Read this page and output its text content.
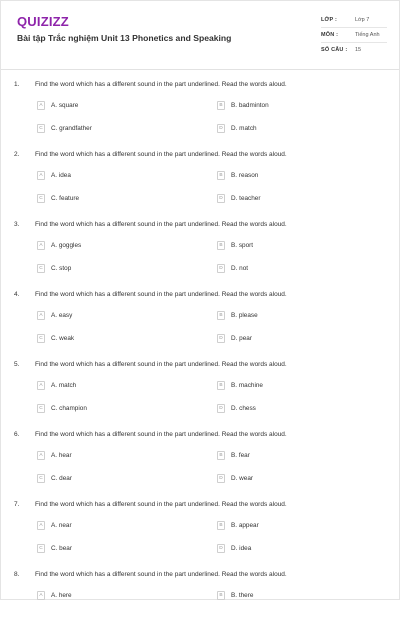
QUIZIZZ
Bài tập Trắc nghiệm Unit 13 Phonetics and Speaking
LỚP :	Lớp 7
MÔN :	Tiếng Anh
SỐ CÂU :	15
1. Find the word which has a different sound in the part underlined. Read the words aloud.
A	A. square	B	B. badminton
C	C. grandfather	D	D. match
2. Find the word which has a different sound in the part underlined. Read the words aloud.
A	A. idea	B	B. reason
C	C. feature	D	D. teacher
3. Find the word which has a different sound in the part underlined. Read the words aloud.
A	A. goggles	B	B. sport
C	C. stop	D	D. not
4. Find the word which has a different sound in the part underlined. Read the words aloud.
A	A. easy	B	B. please
C	C. weak	D	D. pear
5. Find the word which has a different sound in the part underlined. Read the words aloud.
A	A. match	B	B. machine
C	C. champion	D	D. chess
6. Find the word which has a different sound in the part underlined. Read the words aloud.
A	A. hear	B	B. fear
C	C. dear	D	D. wear
7. Find the word which has a different sound in the part underlined. Read the words aloud.
A	A. near	B	B. appear
C	C. bear	D	D. idea
8. Find the word which has a different sound in the part underlined. Read the words aloud.
A	A. here	B	B. there
